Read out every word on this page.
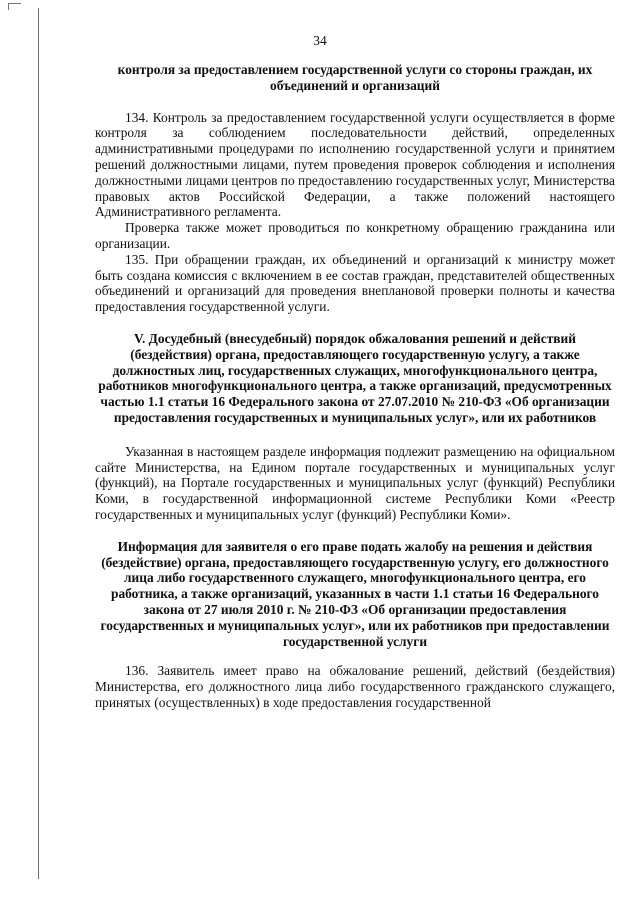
34

контроля за предоставлением государственной услуги со стороны граждан, их объединений и организаций

134. Контроль за предоставлением государственной услуги осуществляется в форме контроля за соблюдением последовательности действий, определенных административными процедурами по исполнению государственной услуги и принятием решений должностными лицами, путем проведения проверок соблюдения и исполнения должностными лицами центров по предоставлению государственных услуг, Министерства правовых актов Российской Федерации, а также положений настоящего Административного регламента.

Проверка также может проводиться по конкретному обращению гражданина или организации.

135. При обращении граждан, их объединений и организаций к министру может быть создана комиссия с включением в ее состав граждан, представителей общественных объединений и организаций для проведения внеплановой проверки полноты и качества предоставления государственной услуги.

V. Досудебный (внесудебный) порядок обжалования решений и действий (бездействия) органа, предоставляющего государственную услугу, а также должностных лиц, государственных служащих, многофункционального центра, работников многофункционального центра, а также организаций, предусмотренных частью 1.1 статьи 16 Федерального закона от 27.07.2010 № 210-ФЗ «Об организации предоставления государственных и муниципальных услуг», или их работников

Указанная в настоящем разделе информация подлежит размещению на официальном сайте Министерства, на Едином портале государственных и муниципальных услуг (функций), на Портале государственных и муниципальных услуг (функций) Республики Коми, в государственной информационной системе Республики Коми «Реестр государственных и муниципальных услуг (функций) Республики Коми».

Информация для заявителя о его праве подать жалобу на решения и действия (бездействие) органа, предоставляющего государственную услугу, его должностного лица либо государственного служащего, многофункционального центра, его работника, а также организаций, указанных в части 1.1 статьи 16 Федерального закона от 27 июля 2010 г. № 210-ФЗ «Об организации предоставления государственных и муниципальных услуг», или их работников при предоставлении государственной услуги

136. Заявитель имеет право на обжалование решений, действий (бездействия) Министерства, его должностного лица либо государственного гражданского служащего, принятых (осуществленных) в ходе предоставления государственной
